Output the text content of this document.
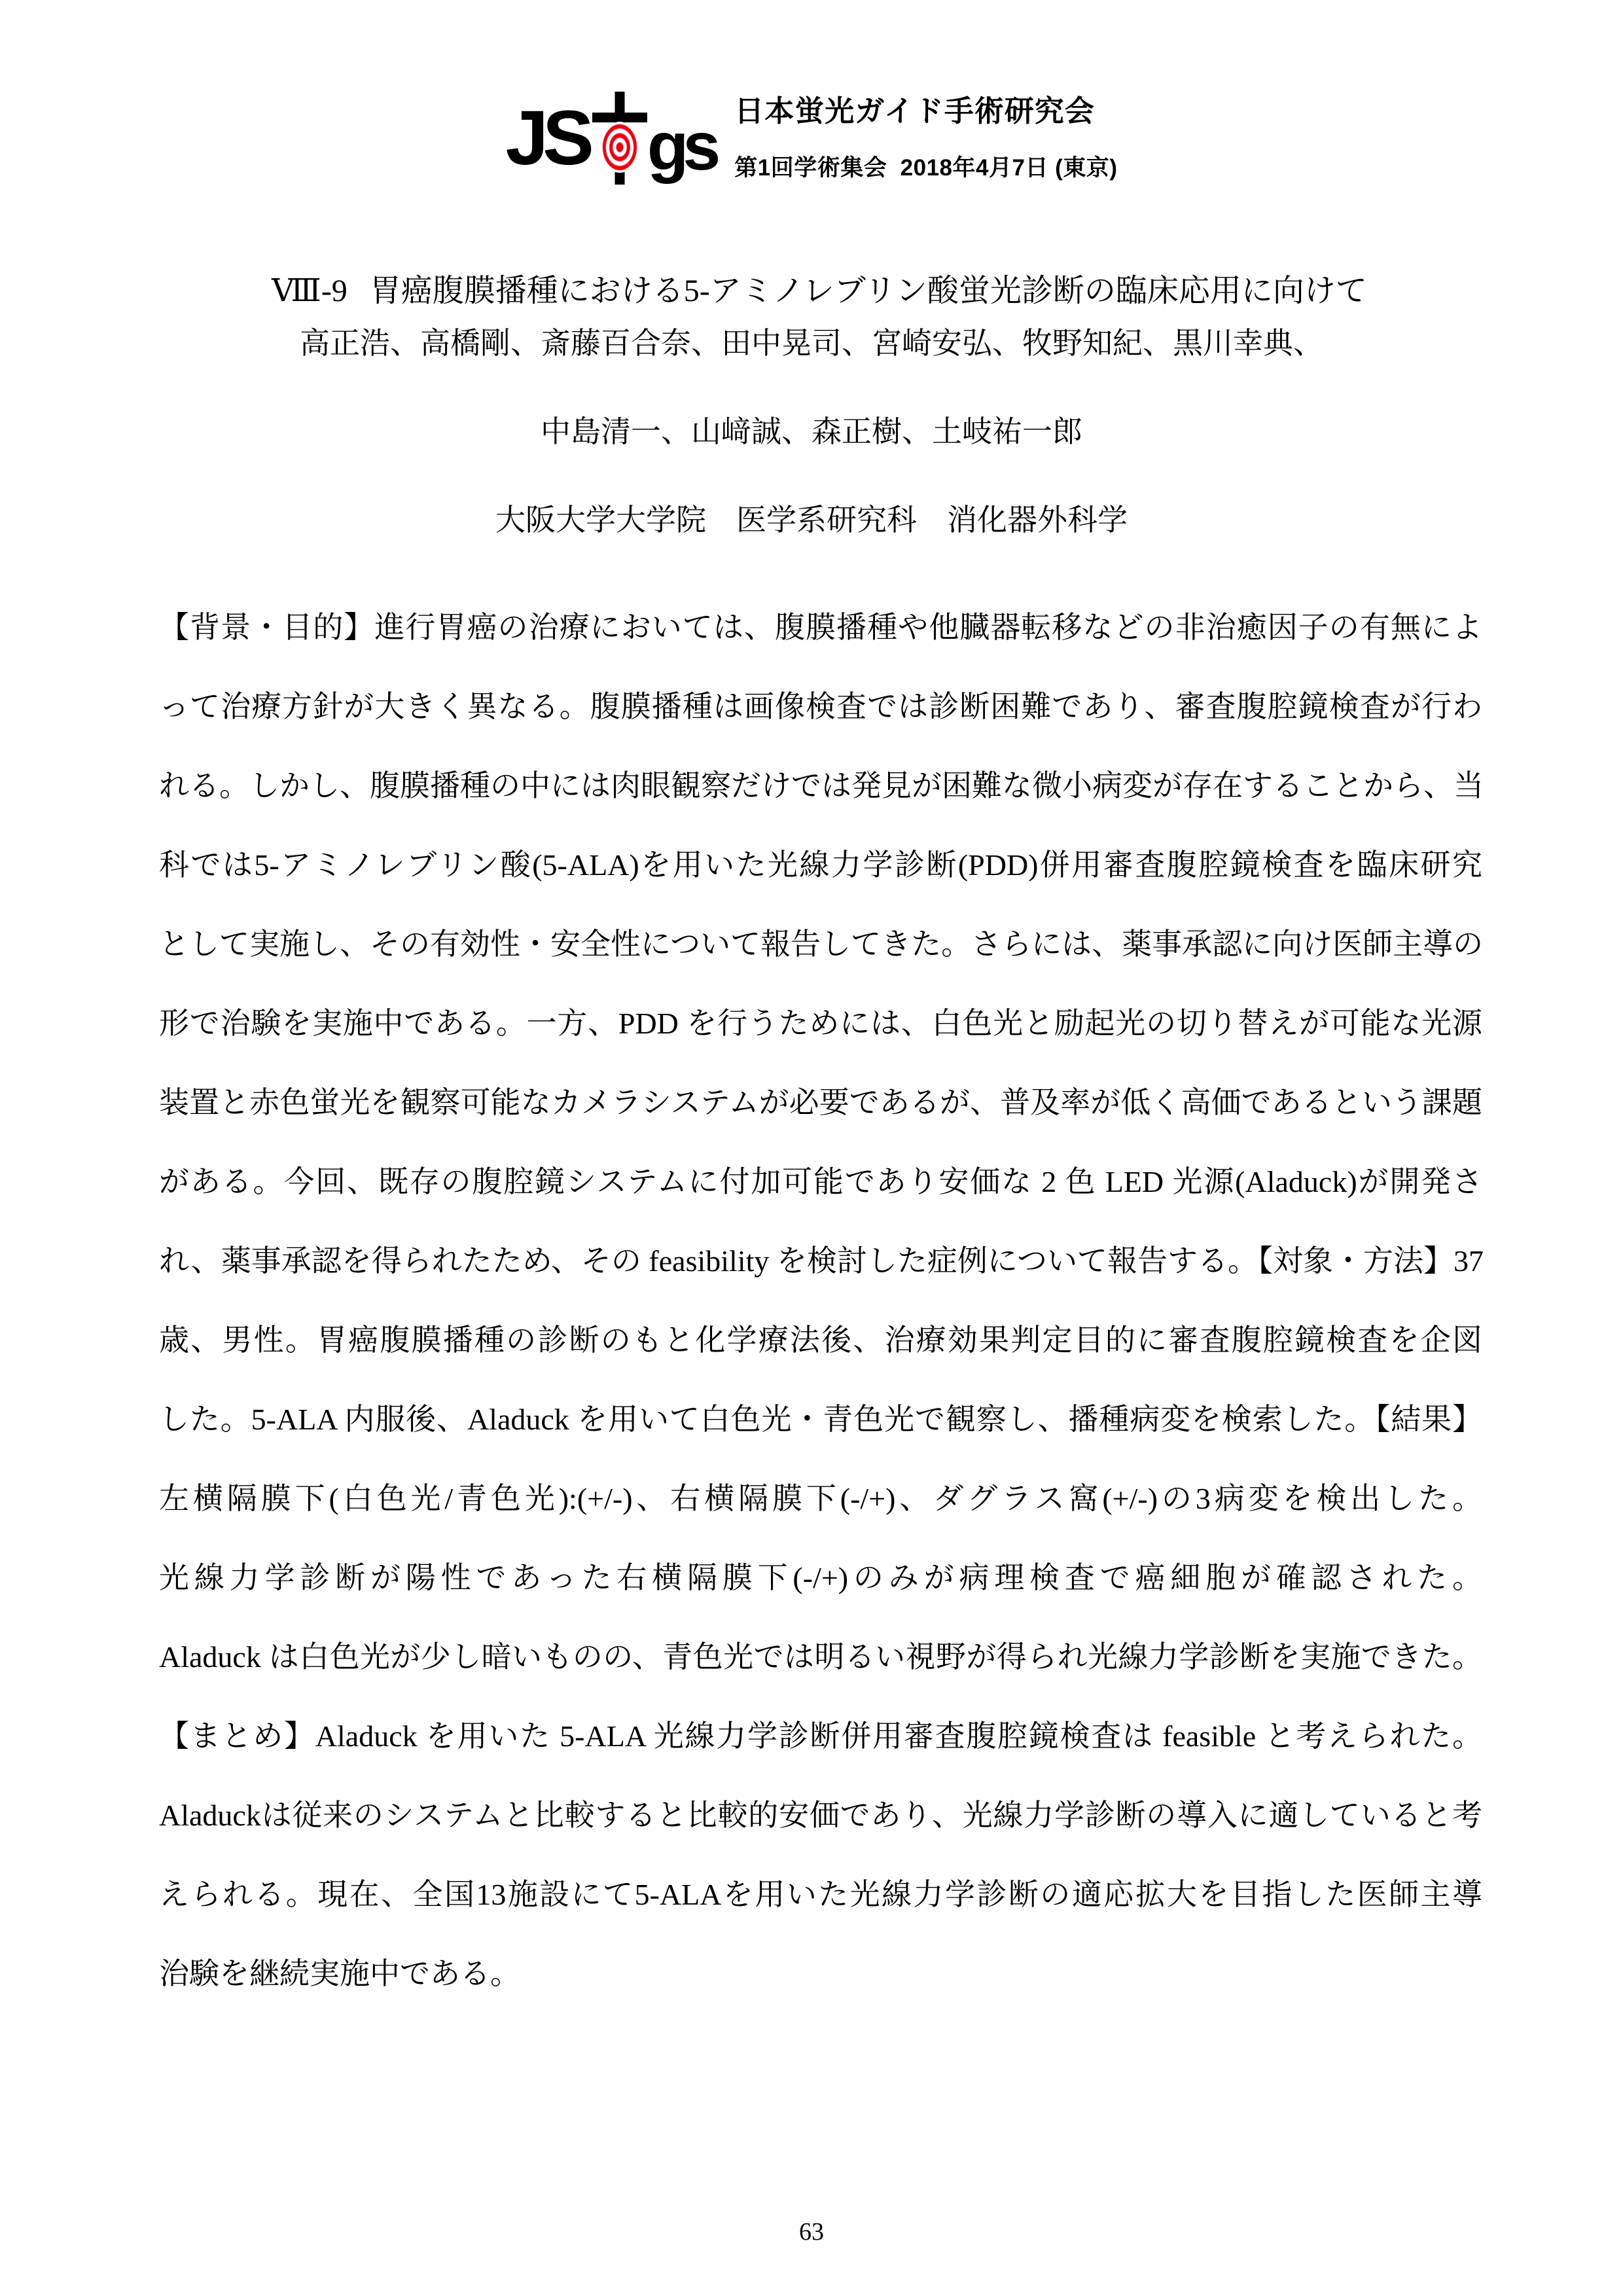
JS gs

日本蛍光ガイド手術研究会

第1回学術集会  2018年4月7日 (東京)

Ⅷ-9 胃癌腹膜播種における5-アミノレブリン酸蛍光診断の臨床応用に向けて

高正浩、高橋剛、斎藤百合奈、田中晃司、宮崎安弘、牧野知紀、黒川幸典、
中島清一、山﨑誠、森正樹、土岐祐一郎
大阪大学大学院　医学系研究科　消化器外科学
【背景・目的】進行胃癌の治療においては、腹膜播種や他臓器転移などの非治癒因子の有無によ
って治療方針が大きく異なる。腹膜播種は画像検査では診断困難であり、審査腹腔鏡検査が行わ
れる。しかし、腹膜播種の中には肉眼観察だけでは発見が困難な微小病変が存在することから、当
科では5-アミノレブリン酸(5-ALA)を用いた光線力学診断(PDD)併用審査腹腔鏡検査を臨床研究
として実施し、その有効性・安全性について報告してきた。さらには、薬事承認に向け医師主導の
形で治験を実施中である。一方、PDD を行うためには、白色光と励起光の切り替えが可能な光源
装置と赤色蛍光を観察可能なカメラシステムが必要であるが、普及率が低く高価であるという課題
がある。今回、既存の腹腔鏡システムに付加可能であり安価な 2 色 LED 光源(Aladuck)が開発さ
れ、薬事承認を得られたため、その feasibility を検討した症例について報告する。【対象・方法】37
歳、男性。胃癌腹膜播種の診断のもと化学療法後、治療効果判定目的に審査腹腔鏡検査を企図
した。5-ALA 内服後、Aladuck を用いて白色光・青色光で観察し、播種病変を検索した。【結果】
左横隔膜下(白色光/青色光):(+/-)、右横隔膜下(-/+)、ダグラス窩(+/-)の3病変を検出した。
光線力学診断が陽性であった右横隔膜下(-/+)のみが病理検査で癌細胞が確認された。
Aladuck は白色光が少し暗いものの、青色光では明るい視野が得られ光線力学診断を実施できた。
【まとめ】Aladuck を用いた 5-ALA 光線力学診断併用審査腹腔鏡検査は feasible と考えられた。
Aladuckは従来のシステムと比較すると比較的安価であり、光線力学診断の導入に適していると考
えられる。現在、全国13施設にて5-ALAを用いた光線力学診断の適応拡大を目指した医師主導
治験を継続実施中である。
63
